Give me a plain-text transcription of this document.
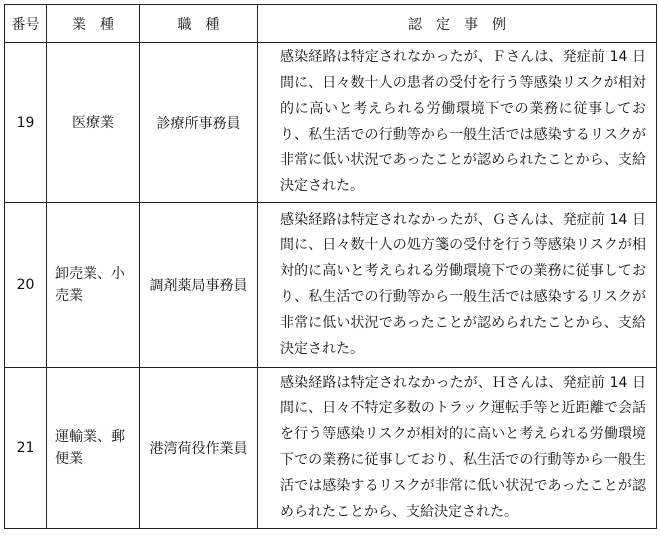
番号	業　種	職　種	認　定　事　例
19	医療業	診療所事務員	感染経路は特定されなかったが、Ｆさんは、発症前 14 日間に、日々数十人の患者の受付を行う等感染リスクが相対的に高いと考えられる労働環境下での業務に従事しており、私生活での行動等から一般生活では感染するリスクが非常に低い状況であったことが認められたことから、支給決定された。

20	卸売業、小売業	調剤薬局事務員	感染経路は特定されなかったが、Ｇさんは、発症前 14 日間に、日々数十人の処方箋の受付を行う等感染リスクが相対的に高いと考えられる労働環境下での業務に従事しており、私生活での行動等から一般生活では感染するリスクが非常に低い状況であったことが認められたことから、支給決定された。

21	運輸業、郵便業	港湾荷役作業員	感染経路は特定されなかったが、Ｈさんは、発症前 14 日間に、日々不特定多数のトラック運転手等と近距離で会話を行う等感染リスクが相対的に高いと考えられる労働環境下での業務に従事しており、私生活での行動等から一般生活では感染するリスクが非常に低い状況であったことが認められたことから、支給決定された。
